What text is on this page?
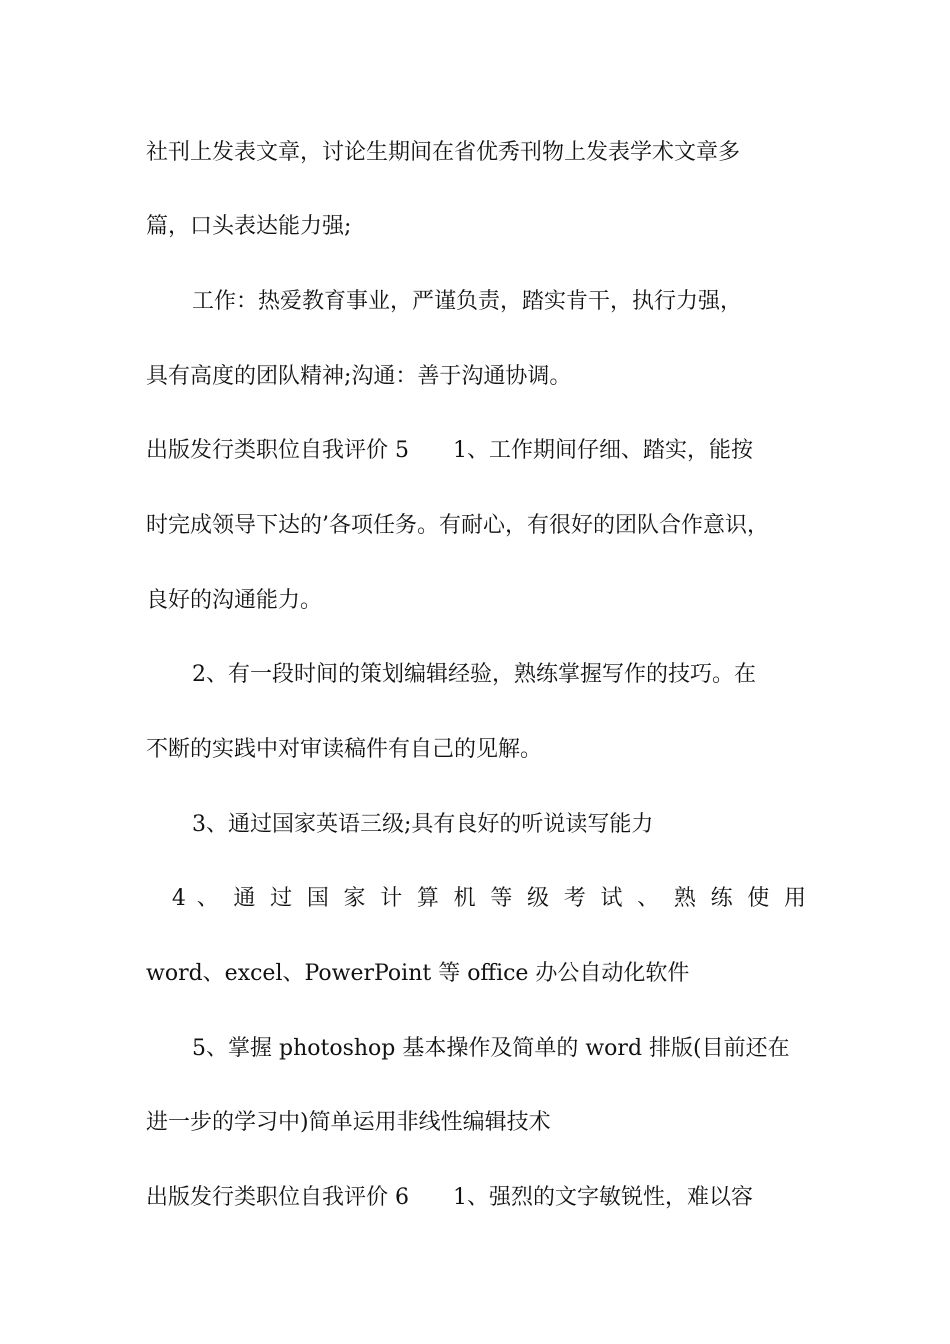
社刊上发表文章，讨论生期间在省优秀刊物上发表学术文章多
篇，口头表达能力强;
工作：热爱教育事业，严谨负责，踏实肯干，执行力强，
具有高度的团队精神;沟通：善于沟通协调。
出版发行类职位自我评价 5　　1、工作期间仔细、踏实，能按
时完成领导下达的’各项任务。有耐心，有很好的团队合作意识，
良好的沟通能力。
2、有一段时间的策划编辑经验，熟练掌握写作的技巧。在
不断的实践中对审读稿件有自己的见解。
3、通过国家英语三级;具有良好的听说读写能力
　4 、 通 过 国 家 计 算 机 等 级 考 试 、 熟 练 使 用
word、excel、PowerPoint 等 office 办公自动化软件
5、掌握 photoshop 基本操作及简单的 word 排版(目前还在
进一步的学习中)简单运用非线性编辑技术
出版发行类职位自我评价 6　　1、强烈的文字敏锐性，难以容
